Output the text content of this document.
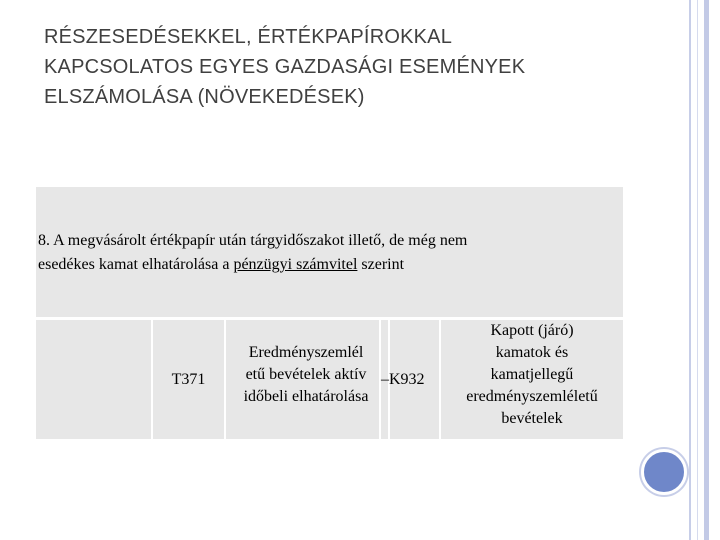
RÉSZESEDÉSEKKEL, ÉRTÉKPAPÍROKKAL
KAPCSOLATOS EGYES GAZDASÁGI ESEMÉNYEK
ELSZÁMOLÁSA (NÖVEKEDÉSEK)
8. A megvásárolt értékpapír után tárgyidőszakot illető, de még nem
esedékes kamat elhatárolása a pénzügyi számvitel szerint
T371
Eredményszemlél
etű bevételek aktív
időbeli elhatárolása
–K932
Kapott (járó)
kamatok és
kamatjellegű
eredményszemléletű
bevételek
